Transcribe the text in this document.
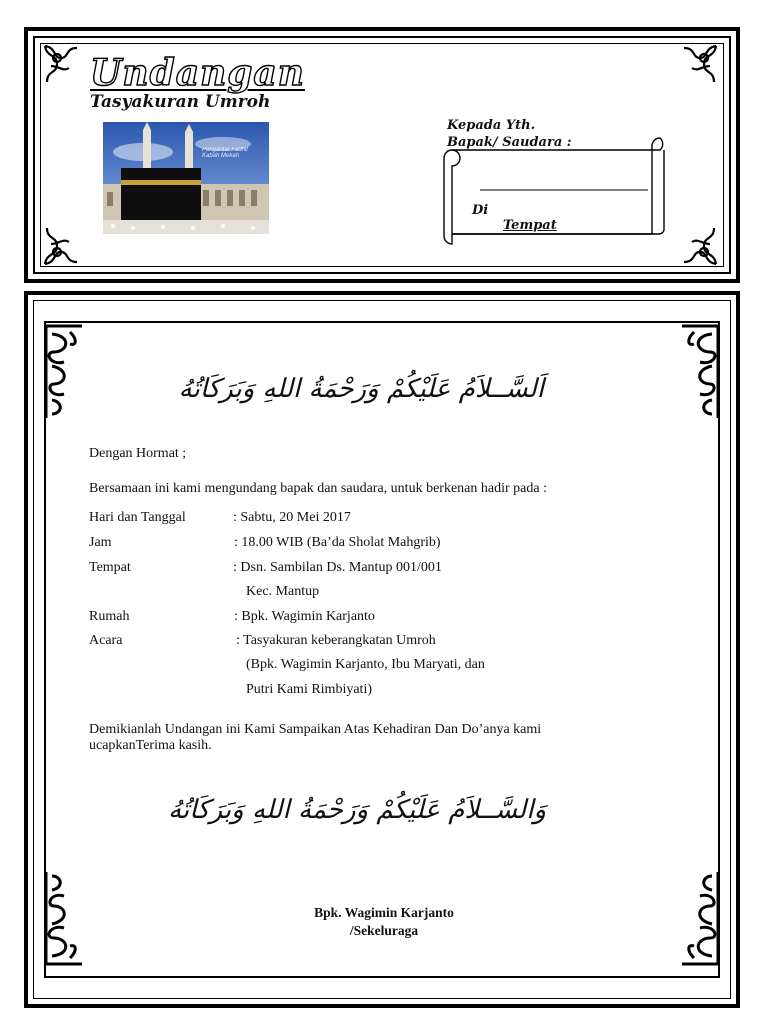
Undangan
Tasyakuran Umroh
Pengantar Fadhil
Kabah Mekah
Kepada Yth.
Bapak/ Saudara :
Di
Tempat
اَلسَّــلاَمُ عَلَيْكُمْ وَرَحْمَةُ اللهِ وَبَرَكَاتُهُ
Dengan Hormat ;
Bersamaan ini kami mengundang bapak dan saudara, untuk berkenan hadir pada :
Hari dan Tanggal	: Sabtu, 20 Mei 2017
Jam	: 18.00 WIB (Ba’da Sholat Mahgrib)
Tempat	: Dsn. Sambilan Ds. Mantup 001/001
Kec. Mantup
Rumah	: Bpk. Wagimin Karjanto
Acara	: Tasyakuran keberangkatan Umroh
(Bpk. Wagimin Karjanto, Ibu Maryati, dan
Putri Kami Rimbiyati)
Demikianlah Undangan ini Kami Sampaikan Atas Kehadiran Dan Do’anya kami
ucapkanTerima kasih.
وَالسَّــلاَمُ عَلَيْكُمْ وَرَحْمَةُ اللهِ وَبَرَكَاتُهُ
Bpk. Wagimin Karjanto
/Sekeluraga
